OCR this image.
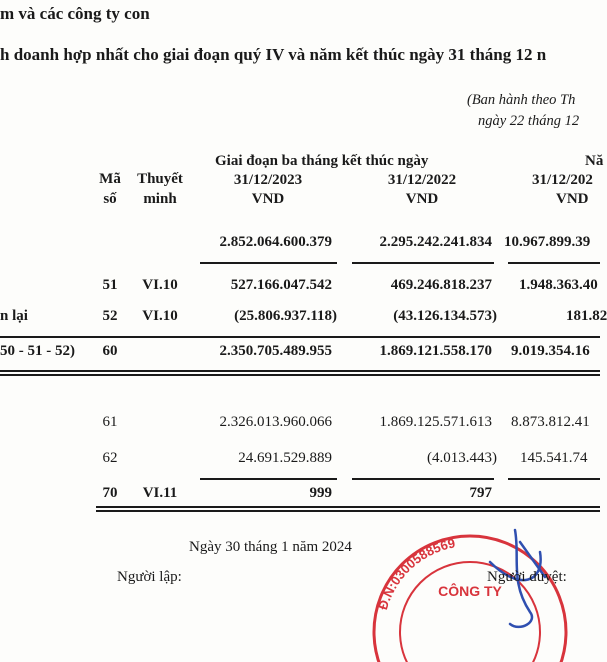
m và các công ty con
h doanh hợp nhất cho giai đoạn quý IV và năm kết thúc ngày 31 tháng 12 n
(Ban hành theo Th
ngày 22 tháng 12
Mã
số
Thuyết
minh
Giai đoạn ba tháng kết thúc ngày	Nă
31/12/2023	31/12/2022	31/12/202
VND	VND	VND
2.852.064.600.379	2.295.242.241.834 10.967.899.39
51	VI.10	527.166.047.542	469.246.818.237 1.948.363.40
n lại	52	VI.10	(25.806.937.118)	(43.126.134.573)	181.82
50 - 51 - 52)	60	2.350.705.489.955	1.869.121.558.170 9.019.354.16
61	2.326.013.960.066	1.869.125.571.613 8.873.812.41
62	24.691.529.889	(4.013.443) 145.541.74
70	VI.11	999	797
Ngày 30 tháng 1 năm 2024
Người lập:
Đ.N:0300588569
CÔNG TY
Người duyệt:
